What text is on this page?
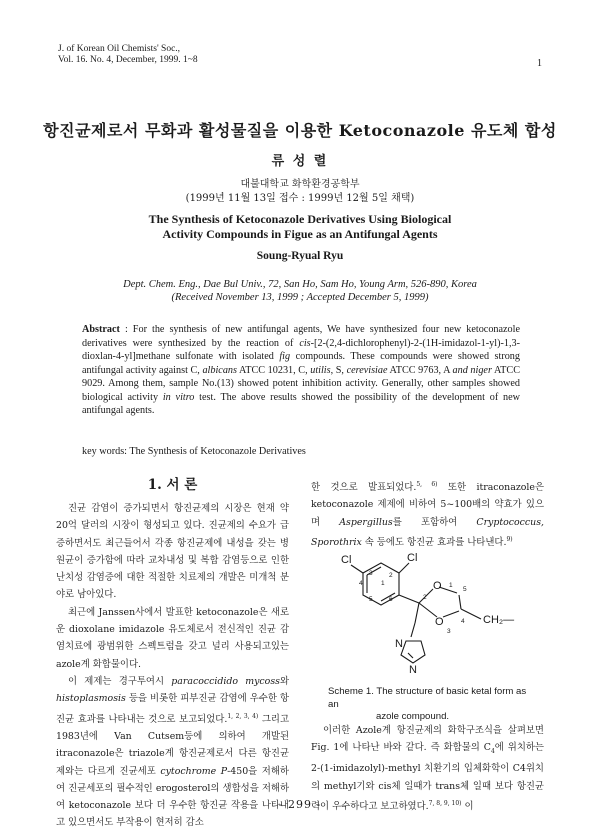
J. of Korean Oil Chemists' Soc.,
Vol. 16. No. 4, December, 1999. 1~8	1
항진균제로서 무화과 활성물질을 이용한 Ketoconazole 유도체 합성
류 성 렬
대불대학교 화학환경공학부
(1999년 11월 13일 접수 : 1999년 12월 5일 채택)
The Synthesis of Ketoconazole Derivatives Using Biological
Activity Compounds in Figue as an Antifungal Agents
Soung-Ryual Ryu
Dept. Chem. Eng., Dae Bul Univ., 72, San Ho, Sam Ho, Young Arm, 526-890, Korea
(Received November 13, 1999 ; Accepted December 5, 1999)
Abstract : For the synthesis of new antifungal agents, We have synthesized four new ketoconazole derivatives were synthesized by the reaction of cis-[2-(2,4-dichlorophenyl)-2-(1H-imidazol-1-yl)-1,3-dioxlan-4-yl]methane sulfonate with isolated fig compounds. These compounds were showed strong antifungal activity against C, albicans ATCC 10231, C, utilis, S, cerevisiae ATCC 9763, A and niger ATCC 9029. Among them, sample No.(13) showed potent inhibition activity. Generally, other samples showed biological activity in vitro test. The above results showed the possibility of the development of new antifungal agents.
key words: The Synthesis of Ketoconazole Derivatives
1. 서 론

진균 감염이 증가되면서 항진균제의 시장은 현재 약 20억 달러의 시장이 형성되고 있다. 진균제의 수요가 급증하면서도 최근들어서 각종 항진균제에 내성을 갖는 병원균이 증가함에 따라 교차내성 및 복합 감염등으로 인한 난치성 감염증에 대한 적절한 치료제의 개발은 미개척 분야로 남아있다.

최근에 Janssen사에서 발표한 ketoconazole은 새로운 dioxolane imidazole 유도체로서 전신적인 진균 감염치료에 광범위한 스펙트럼을 갖고 널리 사용되고있는 azole계 화합물이다.

이 제제는 경구투여시 paracoccidido mycoss와 histoplasmosis 등을 비롯한 피부진균 감염에 우수한 항진균 효과를 나타내는 것으로 보고되었다.$^{1, 2, 3, 4)}$ 그리고 1983년에 Van Cutsem등에 의하여 개발된 itraconazole은 triazole계 항진균제로서 다른 항진균제와는 다르게 진균세포 cytochrome P-450을 저해하여 진균세포의 필수적인 erogosterol의 생합성을 저해하여 ketoconazole 보다 더 우수한 항진균 작용을 나타내고 있으면서도 부작용이 현저히 감소

한 것으로 발표되었다.$^{5, 6)}$ 또한 itraconazole은 ketoconazole 제제에 비하여 5~100배의 약효가 있으며 Aspergillus를 포함하여 Cryptococcus, Sporothrix 속 등에도 항진균 효과를 나타낸다.$^{9)}$

Cl	Cl
O
O
N
N
CH₂—
1
2
3
4
5	6
1
2
3
4
5
Scheme 1. The structure of basic ketal form as an
azole compound.

이러한 Azole계 항진균제의 화학구조식을 살펴보면 Fig. 1에 나타난 바와 같다. 즉 화합물의 $C_4$에 위치하는 2-(1-imidazolyl)-methyl 치환기의 입체화학이 C4위치의 methyl기와 cis체 일때가 trans체 일때 보다 항진균력이 우수하다고 보고하였다.$^{7, 8, 9, 10)}$ 이

- 299 -
